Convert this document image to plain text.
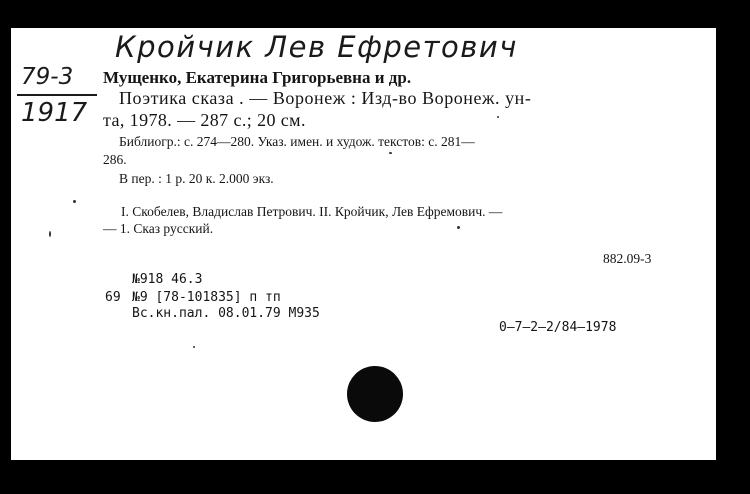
Кройчик Лев Ефретович
79-3
1917
Мущенко, Екатерина Григорьевна и др.
Поэтика сказа . — Воронеж : Изд-во Воронеж. ун-
та, 1978. — 287 с.; 20 см.
Библиогр.: с. 274—280. Указ. имен. и худож. текстов: с. 281—
286.
В пер. : 1 р. 20 к. 2.000 экз.
I. Скобелев, Владислав Петрович. II. Кройчик, Лев Ефремович. —
— 1. Сказ русский.
882.09-3
№918 46.3
69 №9 [78-101835] п тп
Вс.кн.пал. 08.01.79 М935
0—7—2—2/84—1978
